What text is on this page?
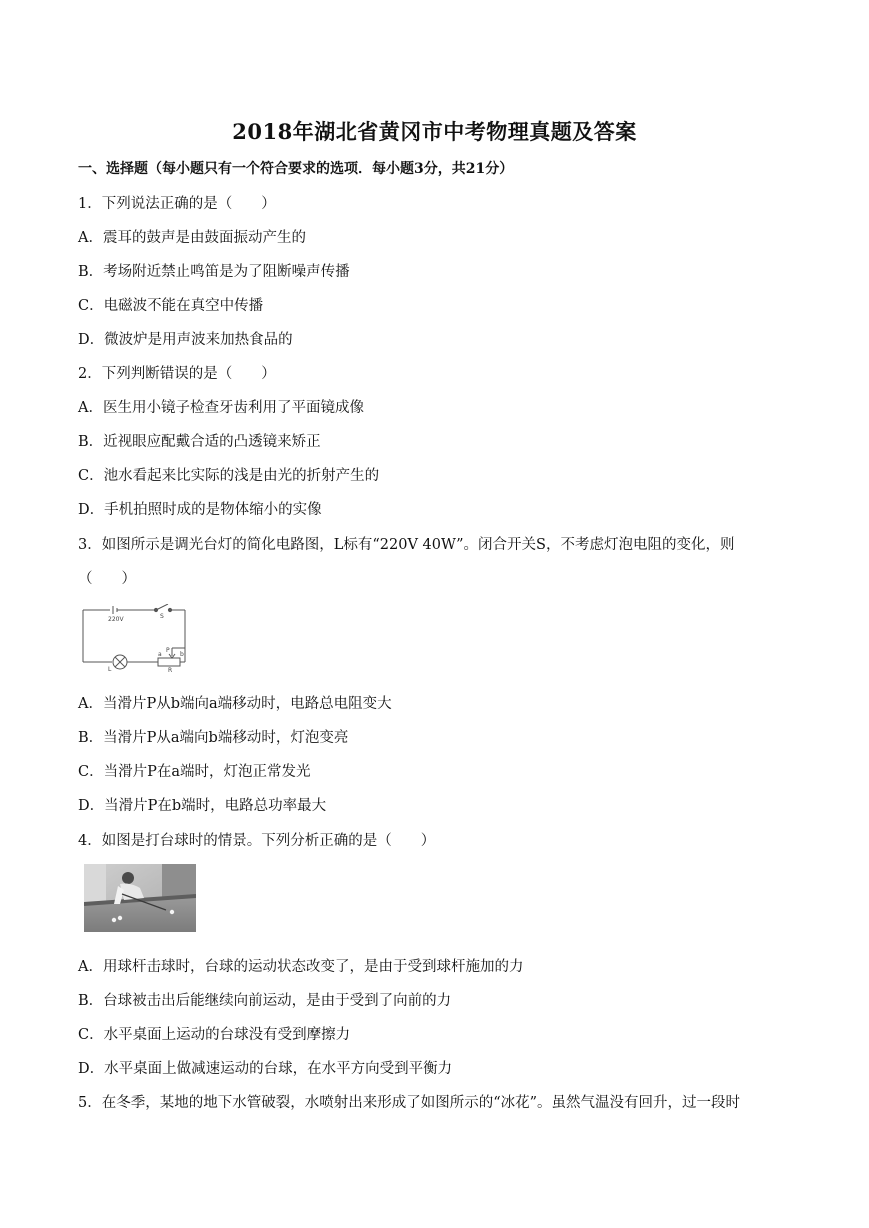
2018年湖北省黄冈市中考物理真题及答案
一、选择题（每小题只有一个符合要求的选项．每小题3分，共21分）
1．下列说法正确的是（　　）
A．震耳的鼓声是由鼓面振动产生的
B．考场附近禁止鸣笛是为了阻断噪声传播
C．电磁波不能在真空中传播
D．微波炉是用声波来加热食品的
2．下列判断错误的是（　　）
A．医生用小镜子检查牙齿利用了平面镜成像
B．近视眼应配戴合适的凸透镜来矫正
C．池水看起来比实际的浅是由光的折射产生的
D．手机拍照时成的是物体缩小的实像
3．如图所示是调光台灯的简化电路图，L标有“220V 40W”。闭合开关S，不考虑灯泡电阻的变化，则
（　　）
220V	S
L
P
a	b
R
A．当滑片P从b端向a端移动时，电路总电阻变大
B．当滑片P从a端向b端移动时，灯泡变亮
C．当滑片P在a端时，灯泡正常发光
D．当滑片P在b端时，电路总功率最大
4．如图是打台球时的情景。下列分析正确的是（　　）
A．用球杆击球时，台球的运动状态改变了，是由于受到球杆施加的力
B．台球被击出后能继续向前运动，是由于受到了向前的力
C．水平桌面上运动的台球没有受到摩擦力
D．水平桌面上做减速运动的台球，在水平方向受到平衡力
5．在冬季，某地的地下水管破裂，水喷射出来形成了如图所示的“冰花”。虽然气温没有回升，过一段时
